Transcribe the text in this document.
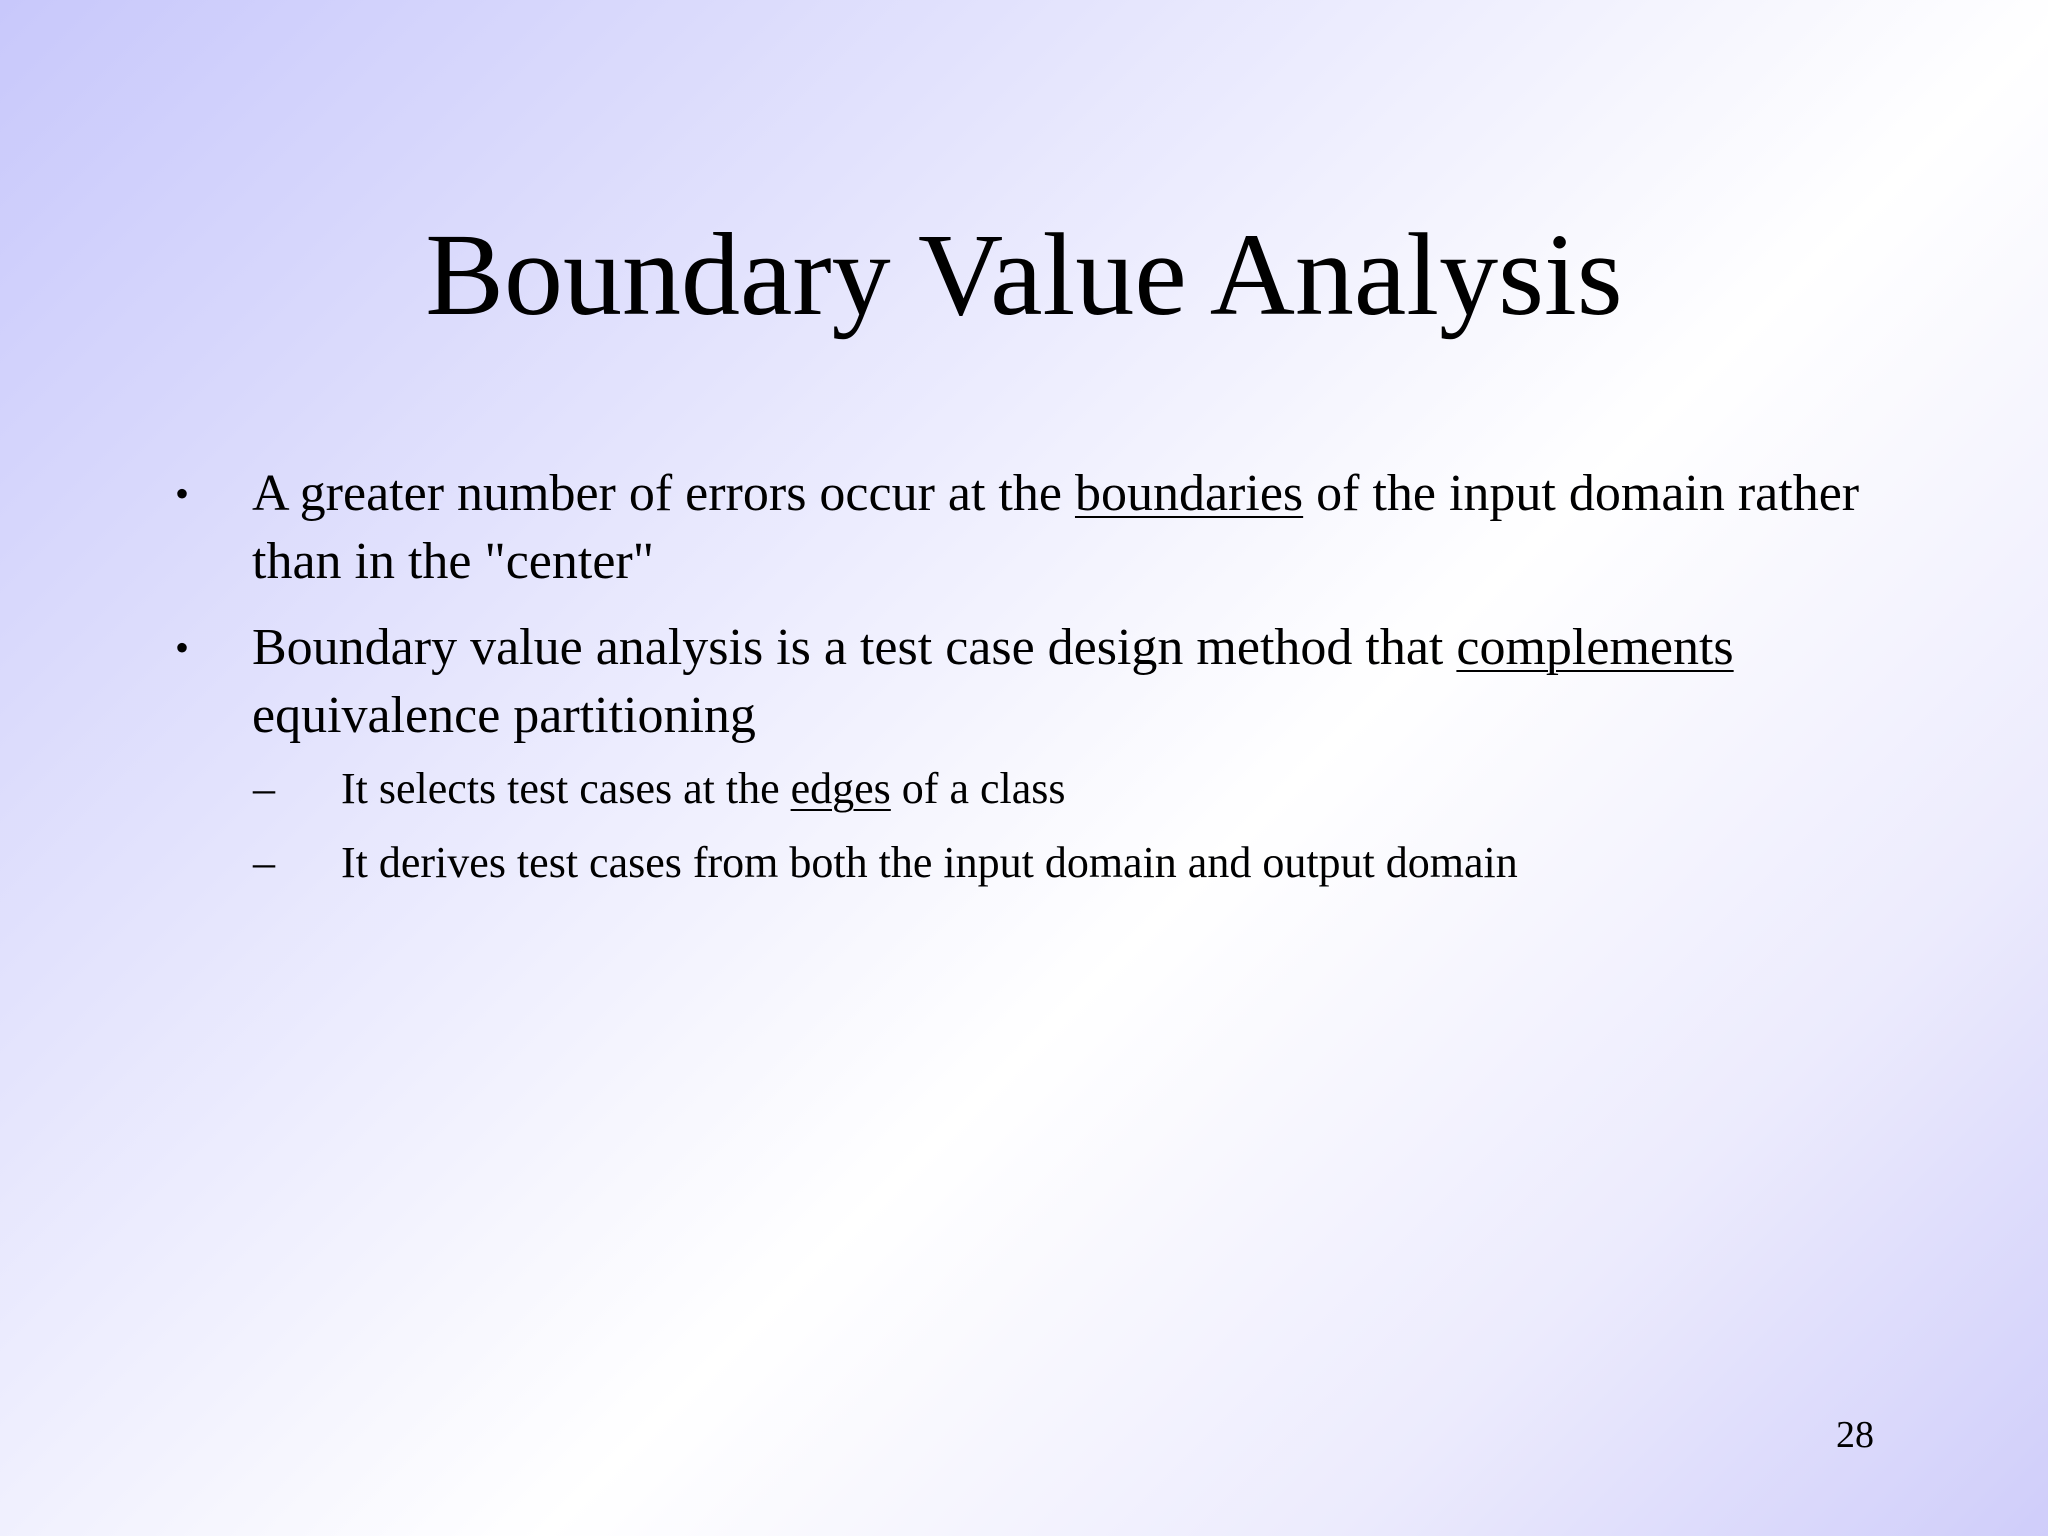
Boundary Value Analysis
•	A greater number of errors occur at the boundaries of the input domain rather than in the "center"
•	Boundary value analysis is a test case design method that complements equivalence partitioning
– It selects test cases at the edges of a class
– It derives test cases from both the input domain and output domain
28
